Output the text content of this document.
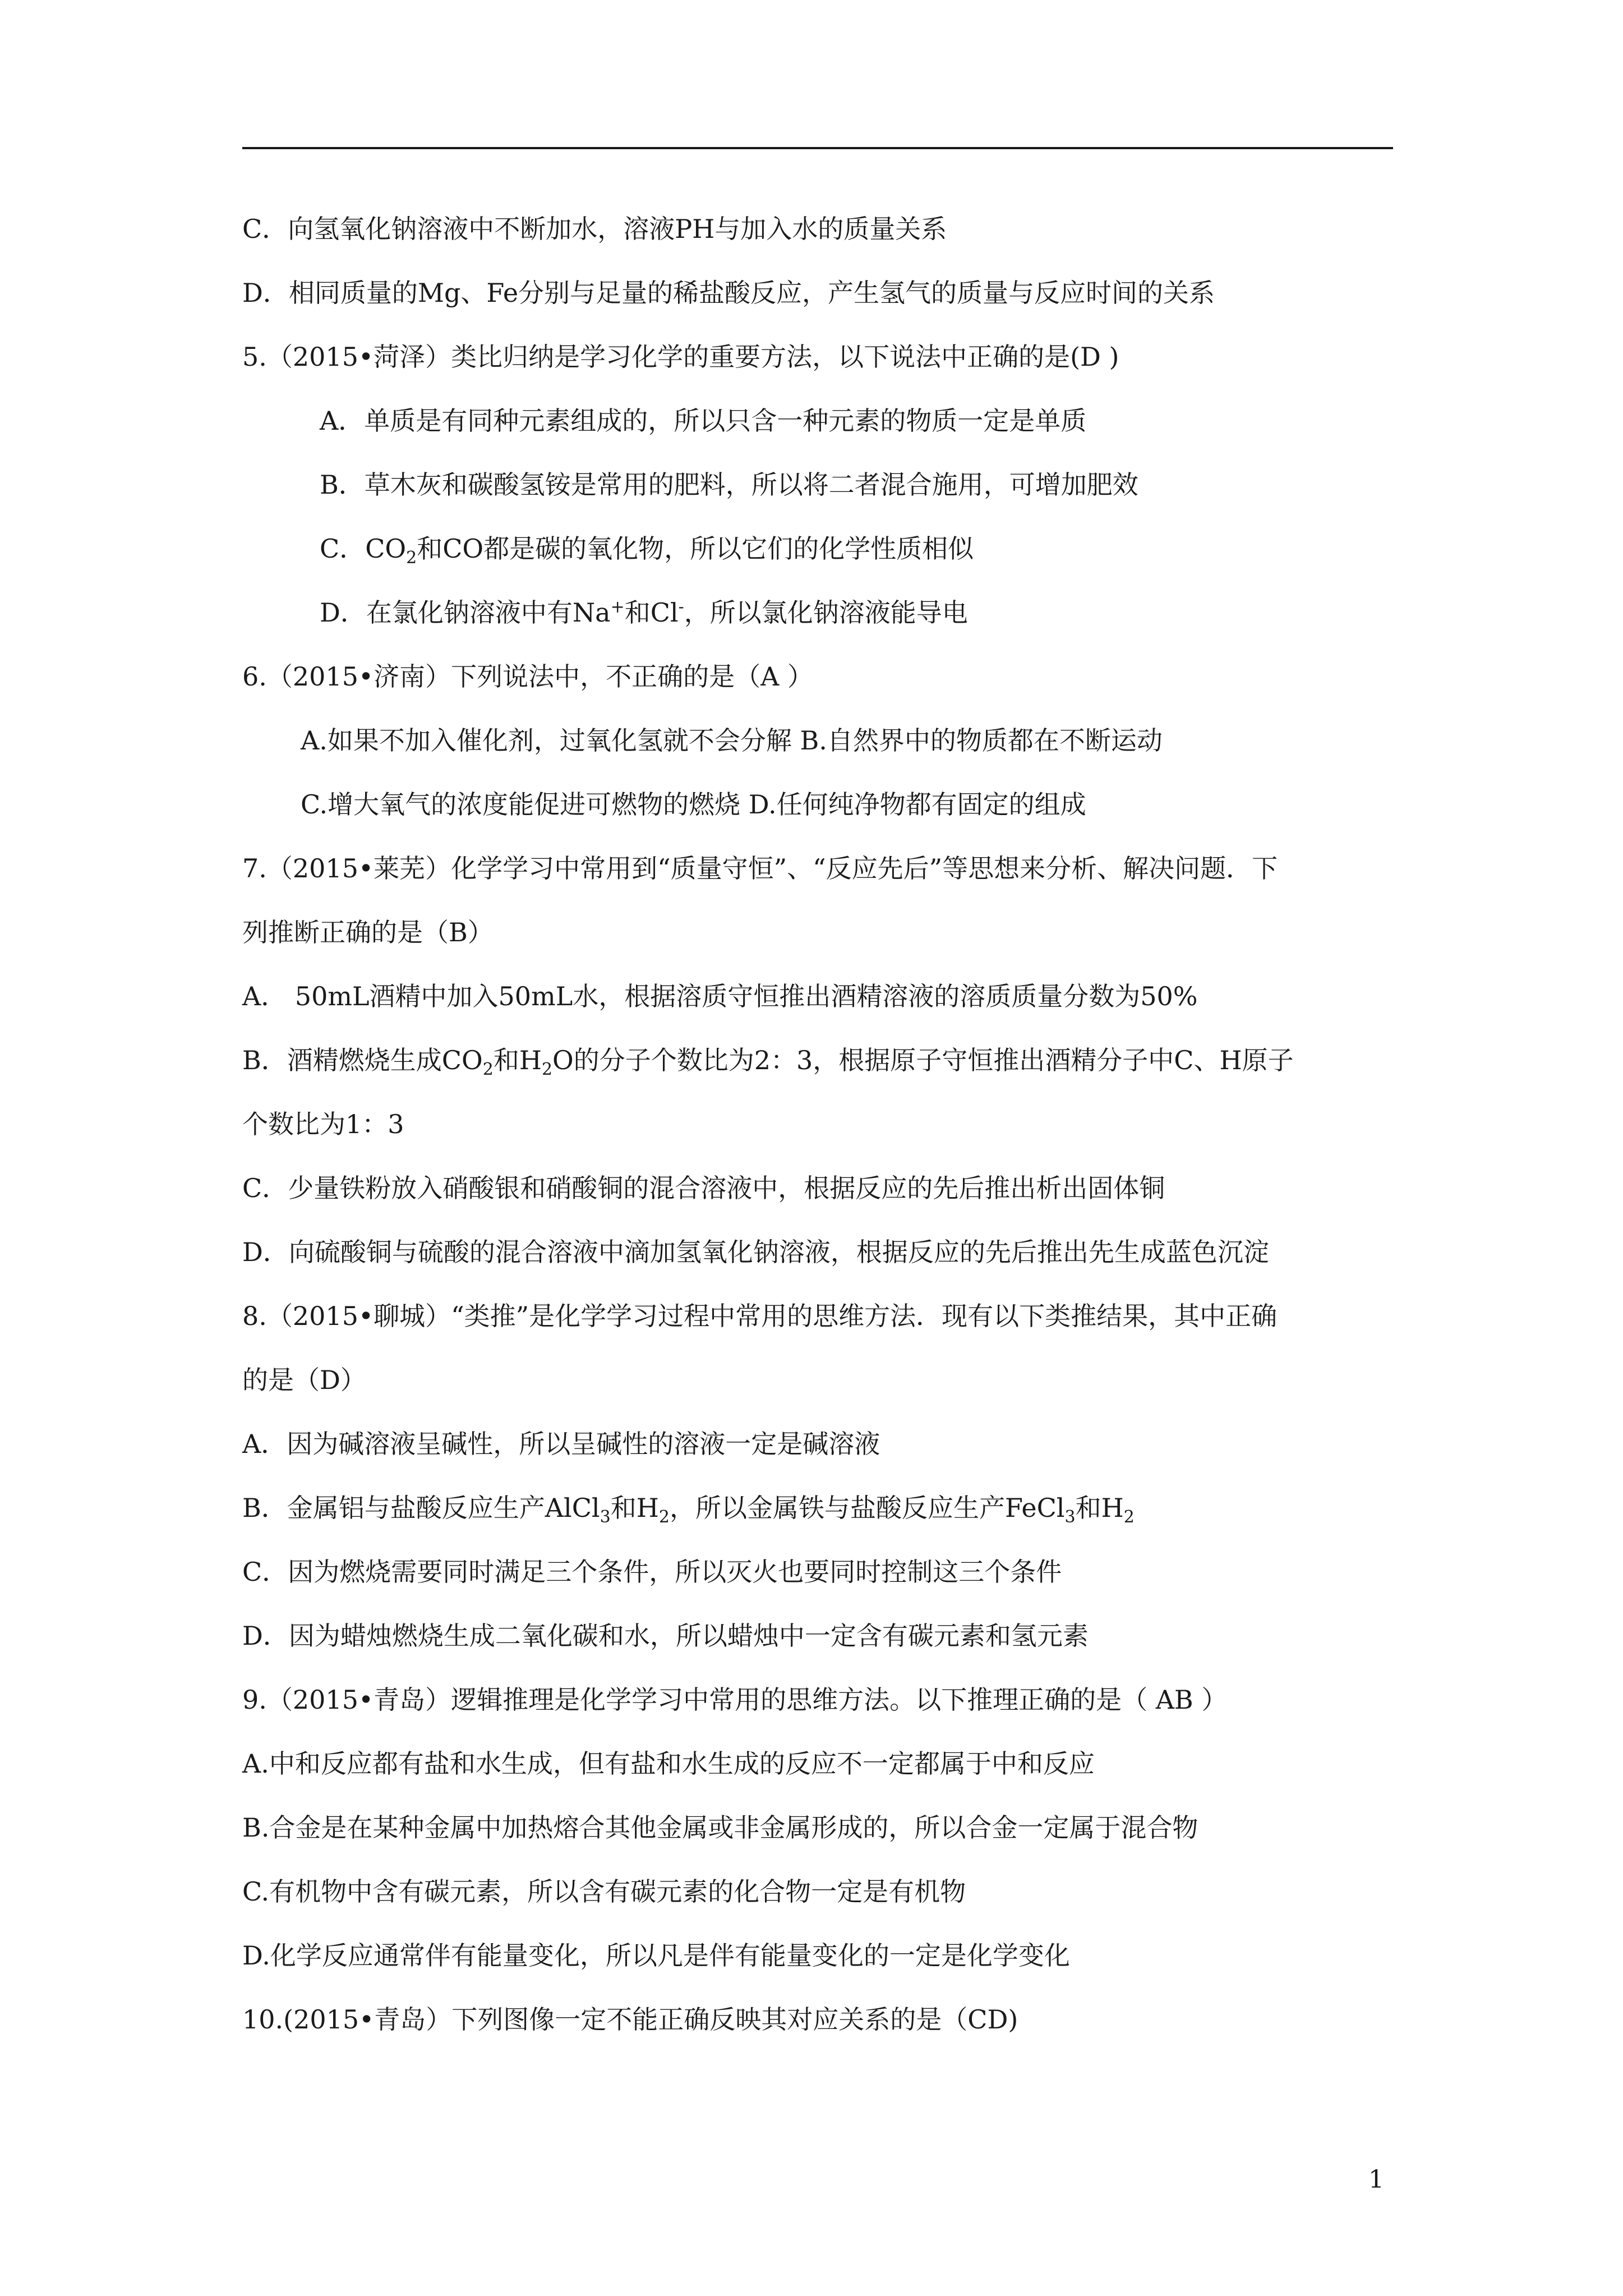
C．向氢氧化钠溶液中不断加水，溶液PH与加入水的质量关系
D．相同质量的Mg、Fe分别与足量的稀盐酸反应，产生氢气的质量与反应时间的关系
5.（2015•菏泽）类比归纳是学习化学的重要方法，以下说法中正确的是(D )
A．单质是有同种元素组成的，所以只含一种元素的物质一定是单质
B．草木灰和碳酸氢铵是常用的肥料，所以将二者混合施用，可增加肥效
C．$CO_2$和CO都是碳的氧化物，所以它们的化学性质相似
D．在氯化钠溶液中有Na+和Cl-，所以氯化钠溶液能导电
6.（2015•济南）下列说法中，不正确的是（A ）
A.如果不加入催化剂，过氧化氢就不会分解 B.自然界中的物质都在不断运动
C.增大氧气的浓度能促进可燃物的燃烧 D.任何纯净物都有固定的组成
7.（2015•莱芜）化学学习中常用到“质量守恒”、“反应先后”等思想来分析、解决问题．下
列推断正确的是（B）
A． 50mL酒精中加入50mL水，根据溶质守恒推出酒精溶液的溶质质量分数为50%
B．酒精燃烧生成$CO_2$和$H_2O$的分子个数比为2：3，根据原子守恒推出酒精分子中C、H原子
个数比为1：3
C．少量铁粉放入硝酸银和硝酸铜的混合溶液中，根据反应的先后推出析出固体铜
D．向硫酸铜与硫酸的混合溶液中滴加氢氧化钠溶液，根据反应的先后推出先生成蓝色沉淀
8.（2015•聊城）“类推”是化学学习过程中常用的思维方法．现有以下类推结果，其中正确
的是（D）
A．因为碱溶液呈碱性，所以呈碱性的溶液一定是碱溶液
B．金属铝与盐酸反应生产AlCl$_3$和$H_2$，所以金属铁与盐酸反应生产FeCl$_3$和$H_2$
C．因为燃烧需要同时满足三个条件，所以灭火也要同时控制这三个条件
D．因为蜡烛燃烧生成二氧化碳和水，所以蜡烛中一定含有碳元素和氢元素
9.（2015•青岛）逻辑推理是化学学习中常用的思维方法。以下推理正确的是（ AB ）
A.中和反应都有盐和水生成，但有盐和水生成的反应不一定都属于中和反应
B.合金是在某种金属中加热熔合其他金属或非金属形成的，所以合金一定属于混合物
C.有机物中含有碳元素，所以含有碳元素的化合物一定是有机物
D.化学反应通常伴有能量变化，所以凡是伴有能量变化的一定是化学变化
10.(2015•青岛）下列图像一定不能正确反映其对应关系的是（CD)
1
